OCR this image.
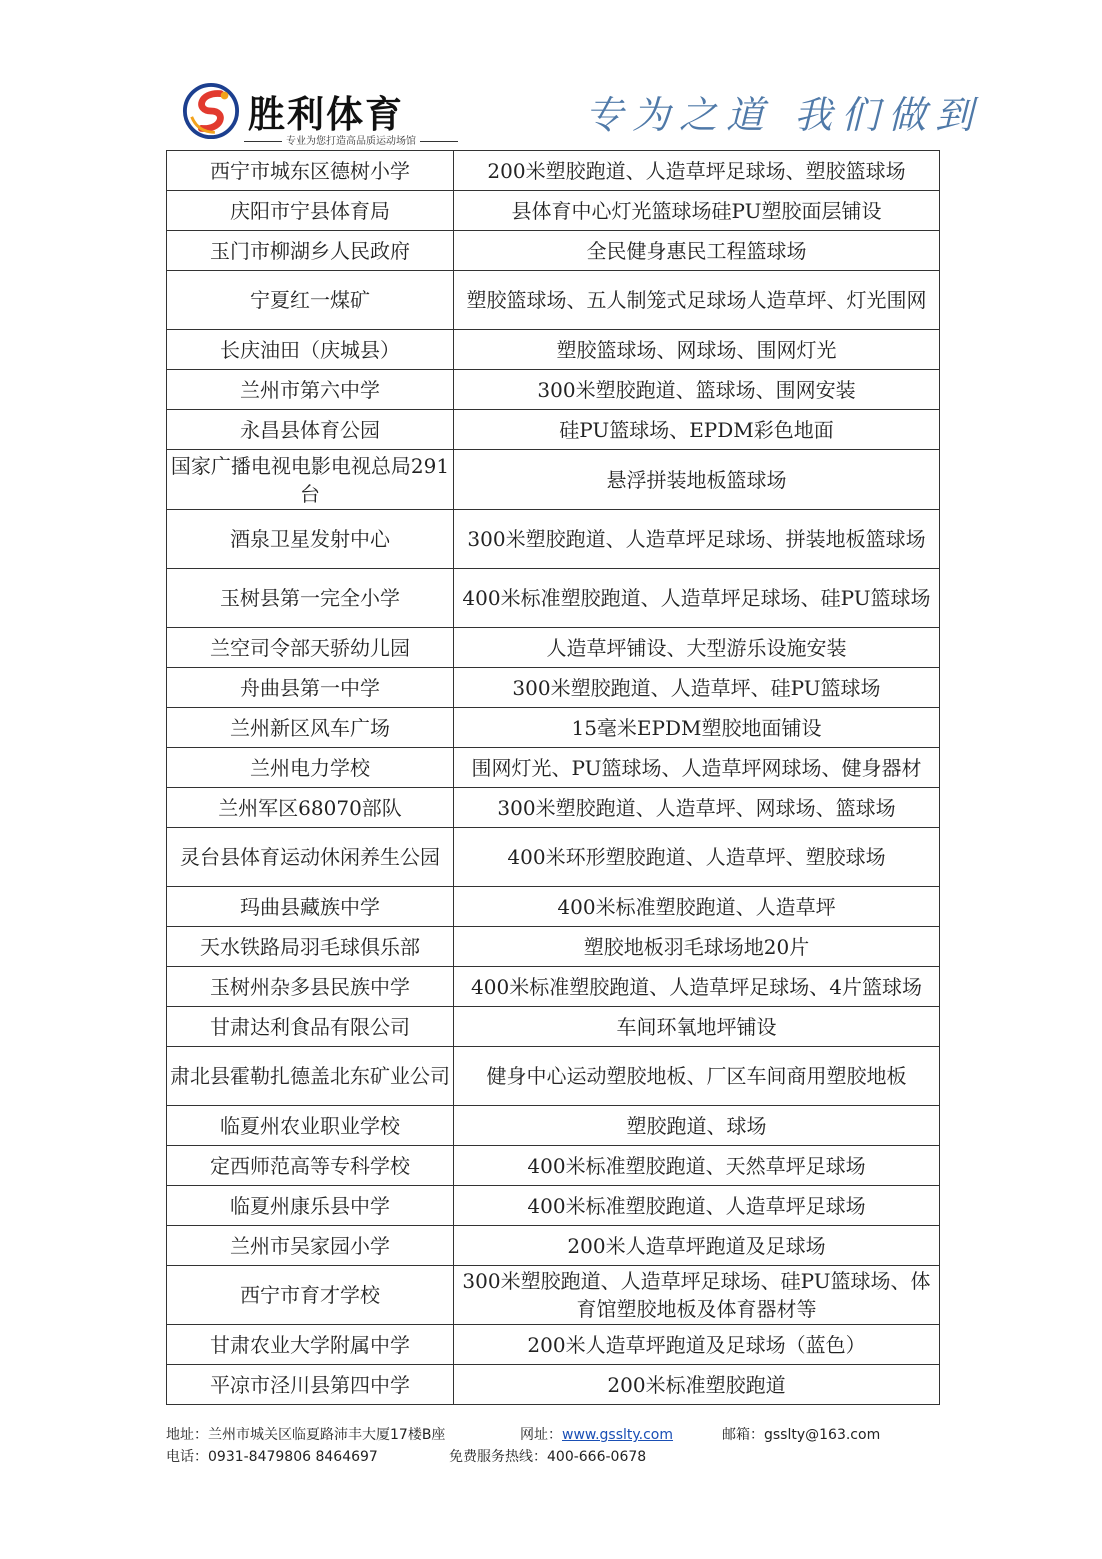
胜利体育
专业为您打造高品质运动场馆
专为之道 我们做到
西宁市城东区德树小学	200米塑胶跑道、人造草坪足球场、塑胶篮球场
庆阳市宁县体育局	县体育中心灯光篮球场硅PU塑胶面层铺设
玉门市柳湖乡人民政府	全民健身惠民工程篮球场
宁夏红一煤矿	塑胶篮球场、五人制笼式足球场人造草坪、灯光围网
长庆油田（庆城县）	塑胶篮球场、网球场、围网灯光
兰州市第六中学	300米塑胶跑道、篮球场、围网安装
永昌县体育公园	硅PU篮球场、EPDM彩色地面
国家广播电视电影电视总局291台	悬浮拼装地板篮球场
酒泉卫星发射中心	300米塑胶跑道、人造草坪足球场、拼装地板篮球场
玉树县第一完全小学	400米标准塑胶跑道、人造草坪足球场、硅PU篮球场
兰空司令部天骄幼儿园	人造草坪铺设、大型游乐设施安装
舟曲县第一中学	300米塑胶跑道、人造草坪、硅PU篮球场
兰州新区风车广场	15毫米EPDM塑胶地面铺设
兰州电力学校	围网灯光、PU篮球场、人造草坪网球场、健身器材
兰州军区68070部队	300米塑胶跑道、人造草坪、网球场、篮球场
灵台县体育运动休闲养生公园	400米环形塑胶跑道、人造草坪、塑胶球场
玛曲县藏族中学	400米标准塑胶跑道、人造草坪
天水铁路局羽毛球俱乐部	塑胶地板羽毛球场地20片
玉树州杂多县民族中学	400米标准塑胶跑道、人造草坪足球场、4片篮球场
甘肃达利食品有限公司	车间环氧地坪铺设
肃北县霍勒扎德盖北东矿业公司	健身中心运动塑胶地板、厂区车间商用塑胶地板
临夏州农业职业学校	塑胶跑道、球场
定西师范高等专科学校	400米标准塑胶跑道、天然草坪足球场
临夏州康乐县中学	400米标准塑胶跑道、人造草坪足球场
兰州市吴家园小学	200米人造草坪跑道及足球场
西宁市育才学校	300米塑胶跑道、人造草坪足球场、硅PU篮球场、体育馆塑胶地板及体育器材等
甘肃农业大学附属中学	200米人造草坪跑道及足球场（蓝色）
平凉市泾川县第四中学	200米标准塑胶跑道
地址：兰州市城关区临夏路沛丰大厦17楼B座	网址：www.gsslty.com	邮箱：gsslty@163.com
电话：0931-8479806 8464697	免费服务热线：400-666-0678
